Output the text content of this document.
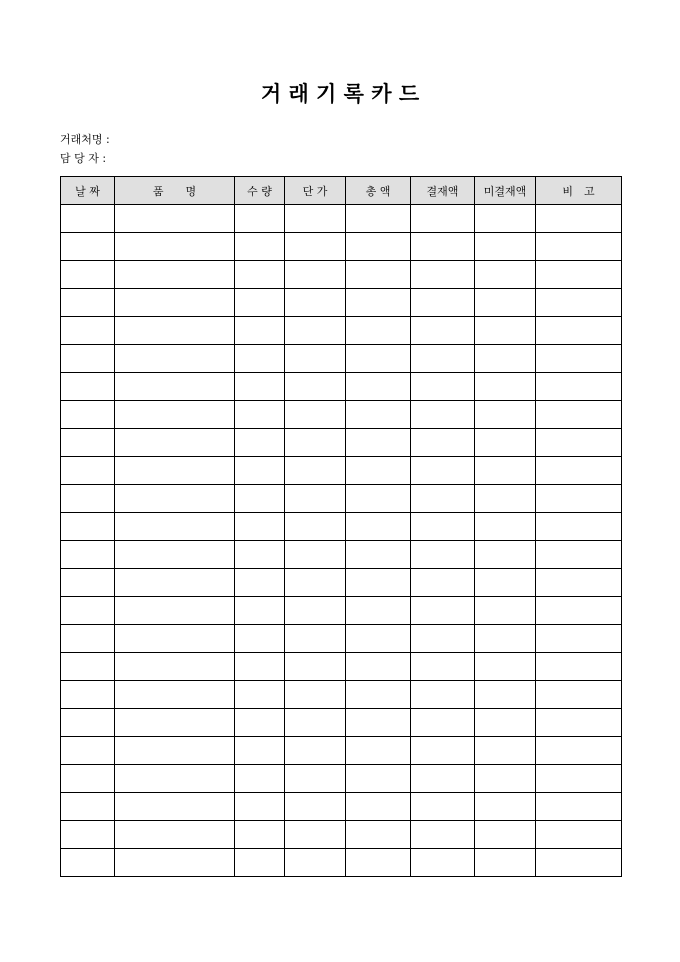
거 래 기 록 카 드
거래처명 :
담 당 자 :
날 짜	품　　명	수 량	단 가	총 액	결재액	미결재액	비　고
